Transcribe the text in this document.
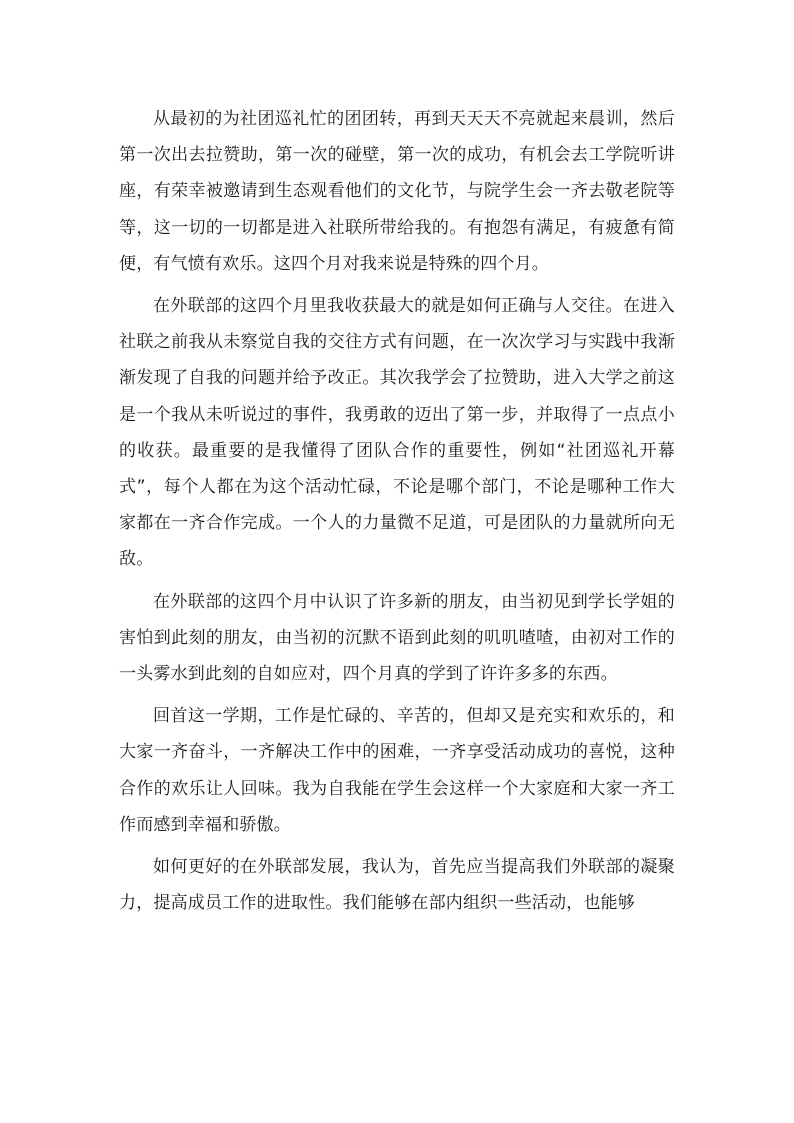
从最初的为社团巡礼忙的团团转，再到天天天不亮就起来晨训，然后第一次出去拉赞助，第一次的碰壁，第一次的成功，有机会去工学院听讲座，有荣幸被邀请到生态观看他们的文化节，与院学生会一齐去敬老院等等，这一切的一切都是进入社联所带给我的。有抱怨有满足，有疲惫有简便，有气愤有欢乐。这四个月对我来说是特殊的四个月。

在外联部的这四个月里我收获最大的就是如何正确与人交往。在进入社联之前我从未察觉自我的交往方式有问题，在一次次学习与实践中我渐渐发现了自我的问题并给予改正。其次我学会了拉赞助，进入大学之前这是一个我从未听说过的事件，我勇敢的迈出了第一步，并取得了一点点小的收获。最重要的是我懂得了团队合作的重要性，例如“社团巡礼开幕式”，每个人都在为这个活动忙碌，不论是哪个部门，不论是哪种工作大家都在一齐合作完成。一个人的力量微不足道，可是团队的力量就所向无敌。

在外联部的这四个月中认识了许多新的朋友，由当初见到学长学姐的害怕到此刻的朋友，由当初的沉默不语到此刻的叽叽喳喳，由初对工作的一头雾水到此刻的自如应对，四个月真的学到了许许多多的东西。

回首这一学期，工作是忙碌的、辛苦的，但却又是充实和欢乐的，和大家一齐奋斗，一齐解决工作中的困难，一齐享受活动成功的喜悦，这种合作的欢乐让人回味。我为自我能在学生会这样一个大家庭和大家一齐工作而感到幸福和骄傲。

如何更好的在外联部发展，我认为，首先应当提高我们外联部的凝聚力，提高成员工作的进取性。我们能够在部内组织一些活动，也能够
